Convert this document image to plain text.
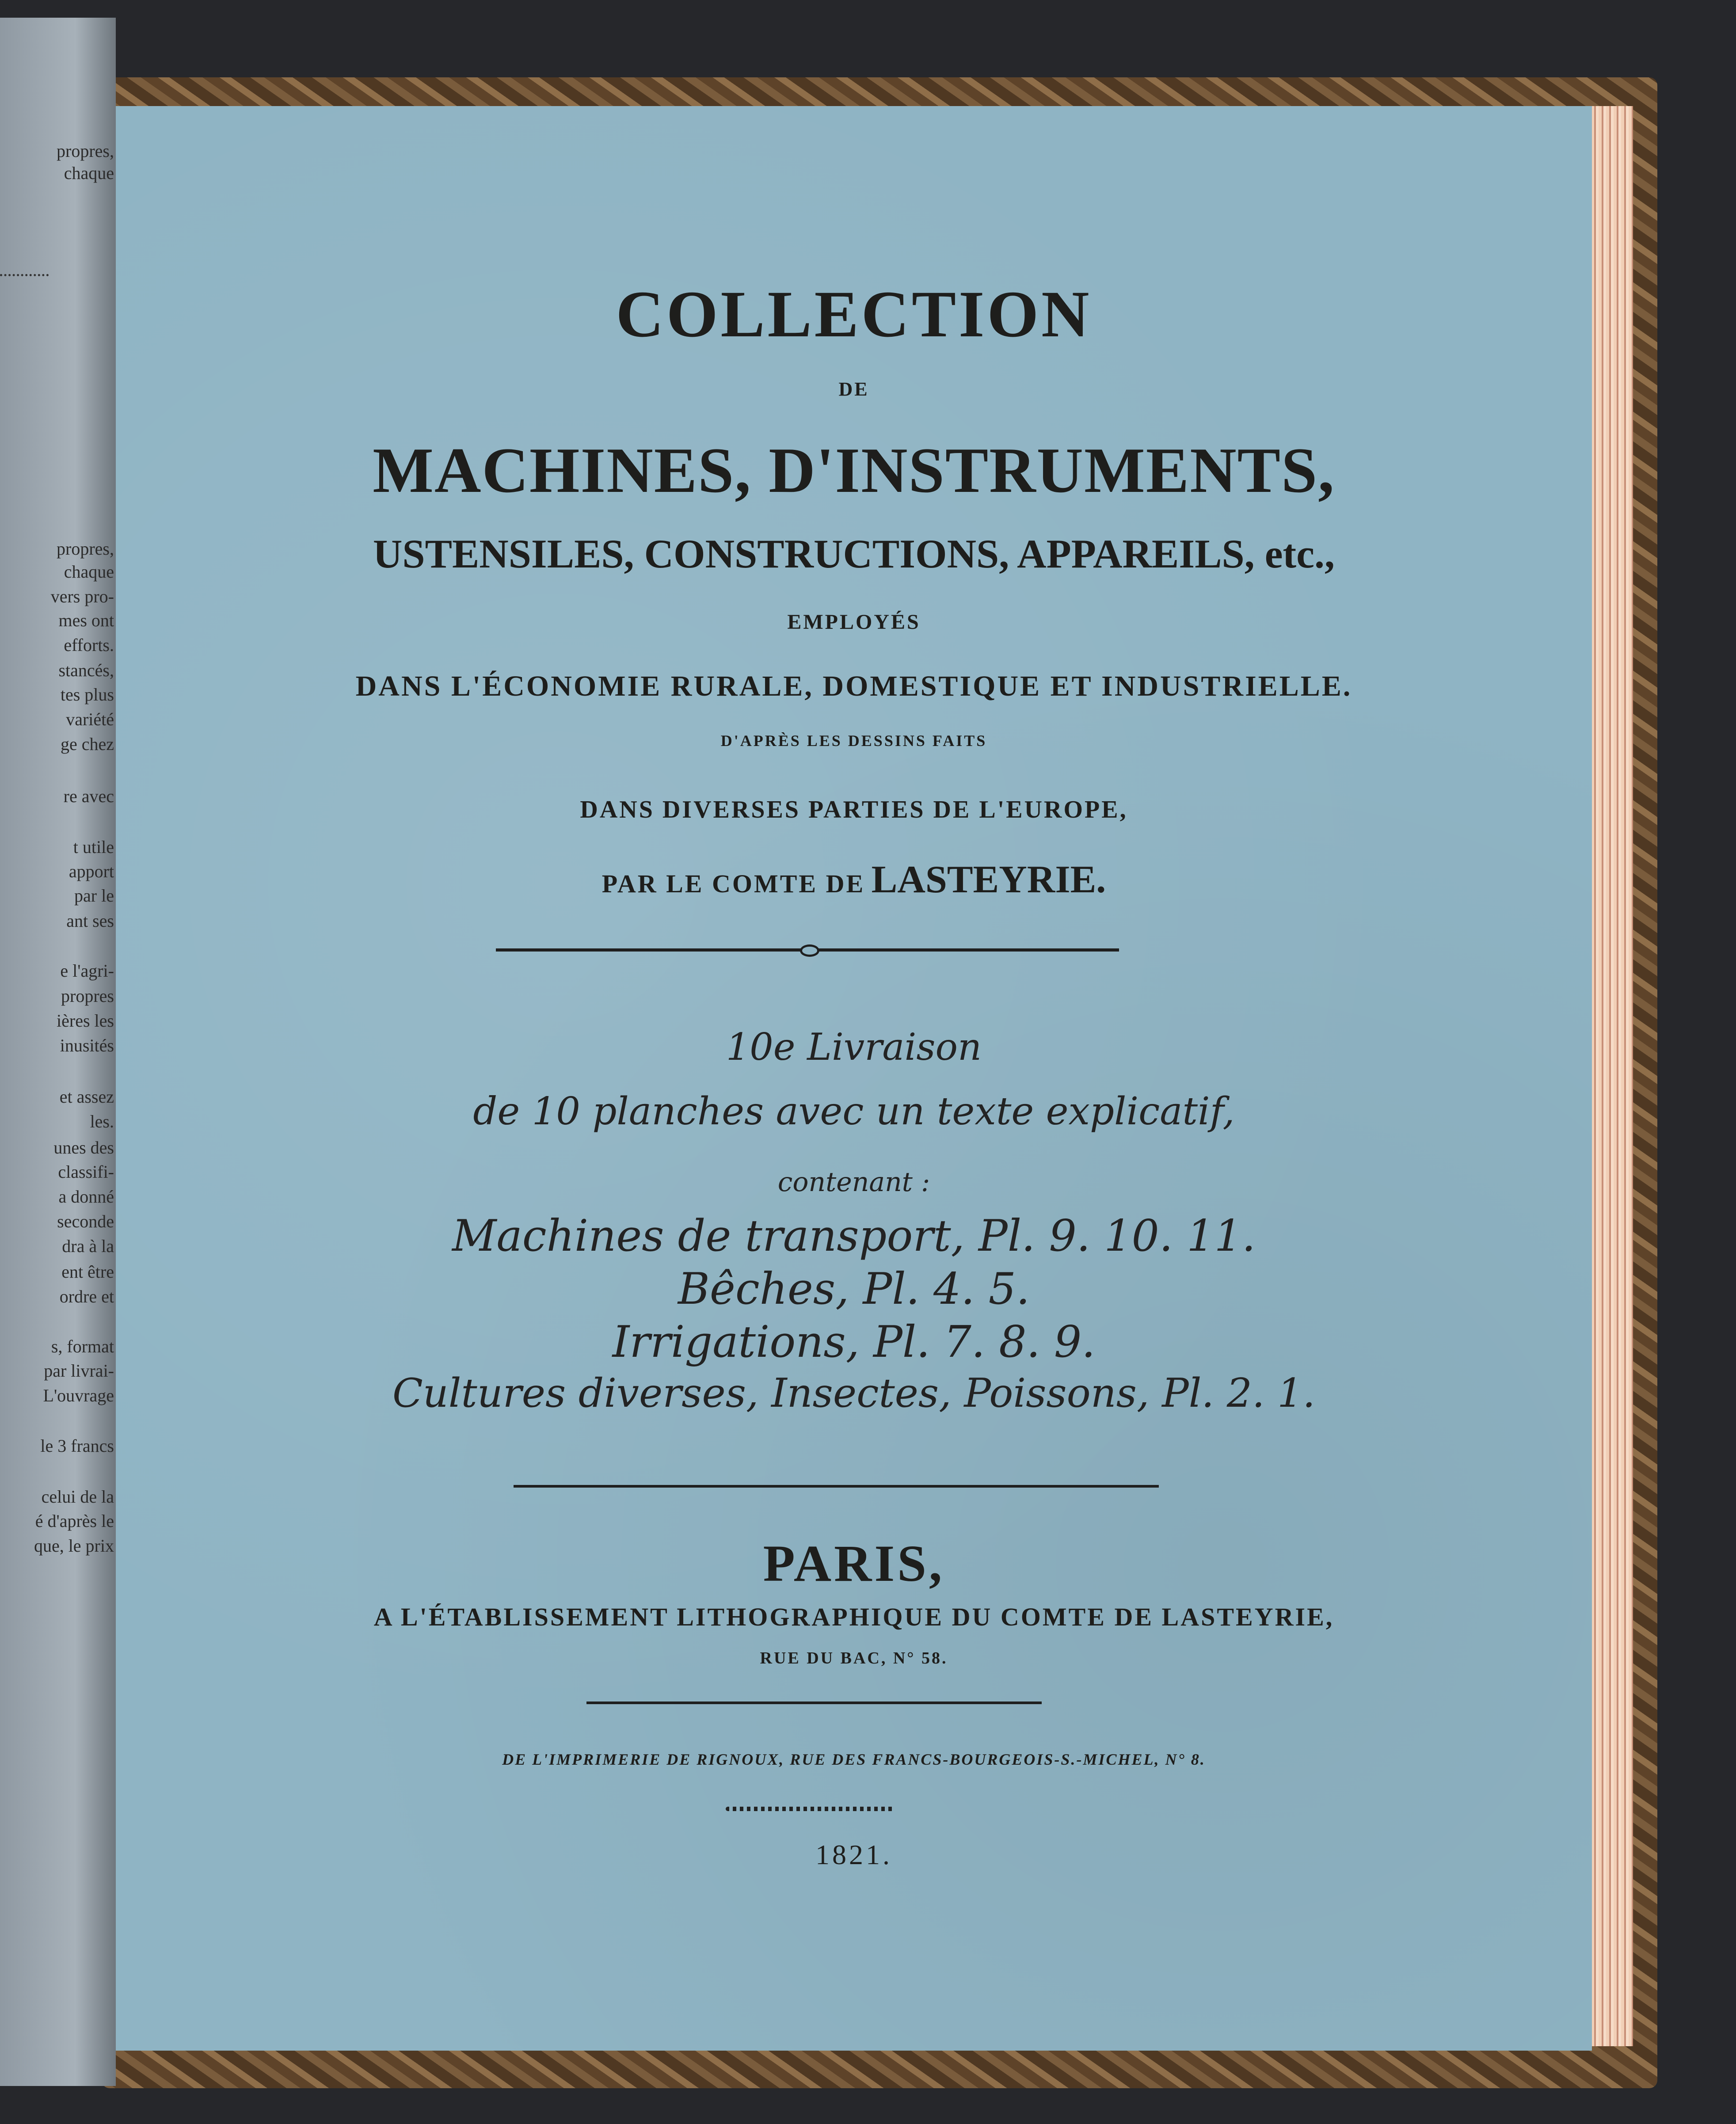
propres,
chaque
propres,
chaque
vers pro-
mes ont
efforts.
stancés,
tes plus
variété
ge chez
re avec
t utile
apport
par le
ant ses
e l'agri-
propres
ières les
inusités
et assez
les.
unes des
classifi-
a donné
seconde
dra à la
ent être
ordre et
s, format
par livrai-
L'ouvrage
le 3 francs
celui de la
é d'après le
que, le prix
COLLECTION
DE
MACHINES, D'INSTRUMENTS,
USTENSILES, CONSTRUCTIONS, APPAREILS, etc.,
EMPLOYÉS
DANS L'ÉCONOMIE RURALE, DOMESTIQUE ET INDUSTRIELLE.
D'APRÈS LES DESSINS FAITS
DANS DIVERSES PARTIES DE L'EUROPE,
PAR LE COMTE DE LASTEYRIE.
10e Livraison
de 10 planches avec un texte explicatif,
contenant :
Machines de transport, Pl. 9. 10. 11.
Bêches, Pl. 4. 5.
Irrigations, Pl. 7. 8. 9.
Cultures diverses, Insectes, Poissons, Pl. 2. 1.
PARIS,
A L'ÉTABLISSEMENT LITHOGRAPHIQUE DU COMTE DE LASTEYRIE,
RUE DU BAC, N° 58.
DE L'IMPRIMERIE DE RIGNOUX, RUE DES FRANCS-BOURGEOIS-S.-MICHEL, N° 8.
1821.
